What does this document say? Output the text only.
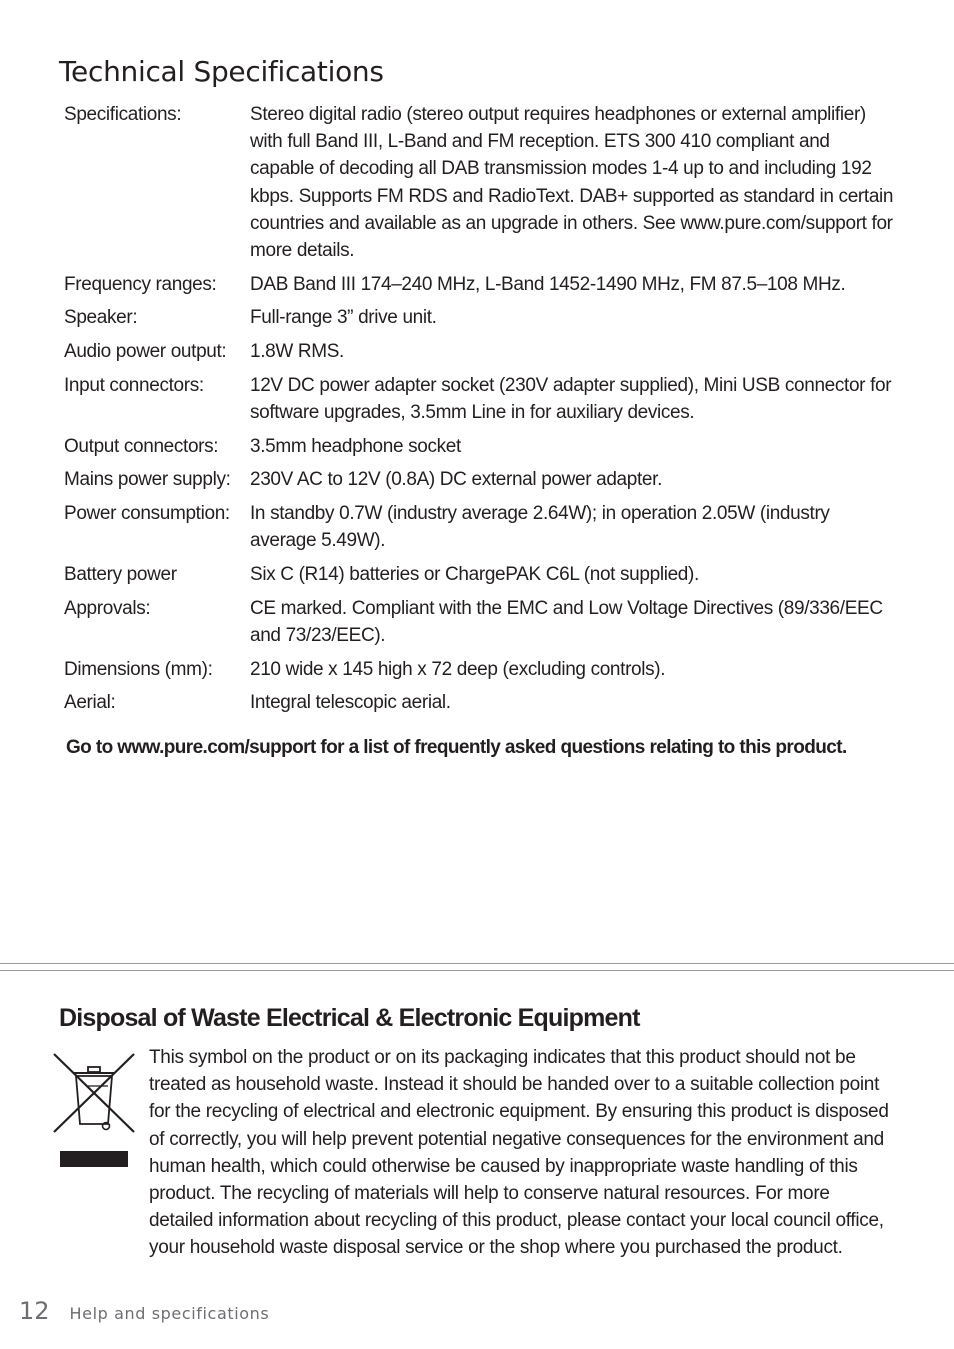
Technical Specifications
Specifications:	Stereo digital radio (stereo output requires headphones or external amplifier) with full Band III, L-Band and FM reception. ETS 300 410 compliant and capable of decoding all DAB transmission modes 1-4 up to and including 192 kbps. Supports FM RDS and RadioText. DAB+ supported as standard in certain countries and available as an upgrade in others. See www.pure.com/support for more details.
Frequency ranges:	DAB Band III 174–240 MHz, L-Band 1452-1490 MHz, FM 87.5–108 MHz.
Speaker:	Full-range 3” drive unit.
Audio power output:	1.8W RMS.
Input connectors:	12V DC power adapter socket (230V adapter supplied), Mini USB connector for software upgrades, 3.5mm Line in for auxiliary devices.
Output connectors:	3.5mm headphone socket
Mains power supply:	230V AC to 12V (0.8A) DC external power adapter.
Power consumption:	In standby 0.7W (industry average 2.64W); in operation 2.05W (industry average 5.49W).
Battery power	Six C (R14) batteries or ChargePAK C6L (not supplied).
Approvals:	CE marked. Compliant with the EMC and Low Voltage Directives (89/336/EEC and 73/23/EEC).
Dimensions (mm):	210 wide x 145 high x 72 deep (excluding controls).
Aerial:	Integral telescopic aerial.
Go to www.pure.com/support for a list of frequently asked questions relating to this product.
Disposal of Waste Electrical & Electronic Equipment

This symbol on the product or on its packaging indicates that this product should not be treated as household waste. Instead it should be handed over to a suitable collection point for the recycling of electrical and electronic equipment. By ensuring this product is disposed of correctly, you will help prevent potential negative consequences for the environment and human health, which could otherwise be caused by inappropriate waste handling of this product. The recycling of materials will help to conserve natural resources. For more detailed information about recycling of this product, please contact your local council office, your household waste disposal service or the shop where you purchased the product.

12 Help and specifications
